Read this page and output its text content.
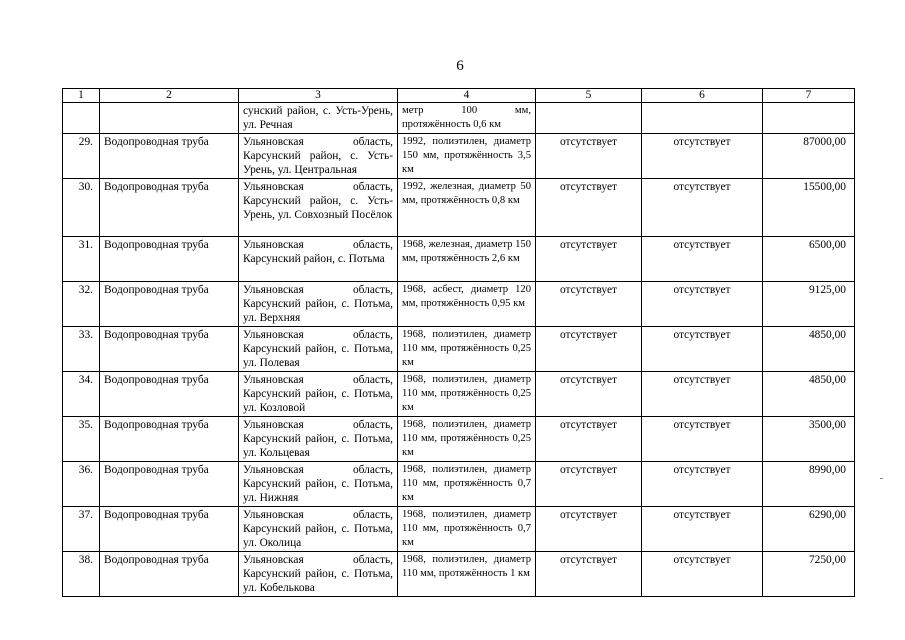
6
1	2	3	4	5	6	7
		сунский район, с. Усть-Урень, ул. Речная	метр 100 мм, протяжённость 0,6 км			
29.	Водопроводная труба	Ульяновская область, Карсунский район, с. Усть-Урень, ул. Центральная	1992, полиэтилен, диаметр 150 мм, протяжённость 3,5 км	отсутствует	отсутствует	87000,00
30.	Водопроводная труба	Ульяновская область, Карсунский район, с. Усть-Урень, ул. Совхозный Посёлок	1992, железная, диаметр 50 мм, протяжённость 0,8 км	отсутствует	отсутствует	15500,00
31.	Водопроводная труба	Ульяновская область, Карсунский район, с. Потьма	1968, железная, диаметр 150 мм, протяжённость 2,6 км	отсутствует	отсутствует	6500,00
32.	Водопроводная труба	Ульяновская область, Карсунский район, с. Потьма, ул. Верхняя	1968, асбест, диаметр 120 мм, протяжённость 0,95 км	отсутствует	отсутствует	9125,00
33.	Водопроводная труба	Ульяновская область, Карсунский район, с. Потьма, ул. Полевая	1968, полиэтилен, диаметр 110 мм, протяжённость 0,25 км	отсутствует	отсутствует	4850,00
34.	Водопроводная труба	Ульяновская область, Карсунский район, с. Потьма, ул. Козловой	1968, полиэтилен, диаметр 110 мм, протяжённость 0,25 км	отсутствует	отсутствует	4850,00
35.	Водопроводная труба	Ульяновская область, Карсунский район, с. Потьма, ул. Кольцевая	1968, полиэтилен, диаметр 110 мм, протяжённость 0,25 км	отсутствует	отсутствует	3500,00
36.	Водопроводная труба	Ульяновская область, Карсунский район, с. Потьма, ул. Нижняя	1968, полиэтилен, диаметр 110 мм, протяжённость 0,7 км	отсутствует	отсутствует	8990,00
37.	Водопроводная труба	Ульяновская область, Карсунский район, с. Потьма, ул. Околица	1968, полиэтилен, диаметр 110 мм, протяжённость 0,7 км	отсутствует	отсутствует	6290,00
38.	Водопроводная труба	Ульяновская область, Карсунский район, с. Потьма, ул. Кобелькова	1968, полиэтилен, диаметр 110 мм, протяжённость 1 км	отсутствует	отсутствует	7250,00
